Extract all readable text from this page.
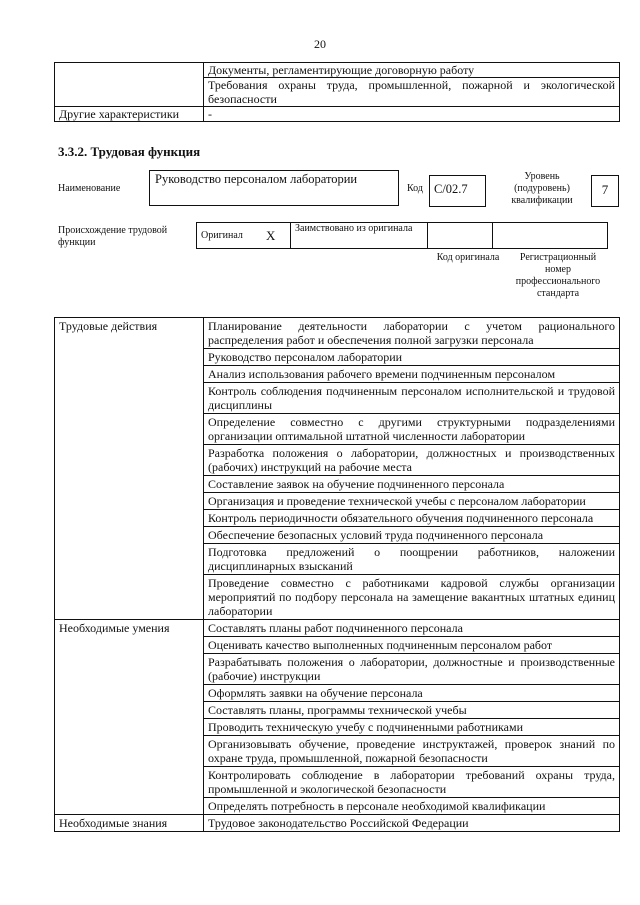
20
	Документы, регламентирующие договорную работу
	Требования охраны труда, промышленной, пожарной и экологической безопасности
Другие характеристики	-
3.3.2. Трудовая функция
Наименование
Руководство персоналом лаборатории
Код С/02.7
Уровень (подуровень) квалификации
7
Происхождение трудовой функции
Оригинал	X	Заимствовано из оригинала		
Код оригинала	Регистрационный номер профессионального стандарта
Трудовые действия	Планирование деятельности лаборатории с учетом рационального распределения работ и обеспечения полной загрузки персонала
	Руководство персоналом лаборатории
	Анализ использования рабочего времени подчиненным персоналом
	Контроль соблюдения подчиненным персоналом исполнительской и трудовой дисциплины
	Определение совместно с другими структурными подразделениями организации оптимальной штатной численности лаборатории
	Разработка положения о лаборатории, должностных и производственных (рабочих) инструкций на рабочие места
	Составление заявок на обучение подчиненного персонала
	Организация и проведение технической учебы с персоналом лаборатории
	Контроль периодичности обязательного обучения подчиненного персонала
	Обеспечение безопасных условий труда подчиненного персонала
	Подготовка предложений о поощрении работников, наложении дисциплинарных взысканий
	Проведение совместно с работниками кадровой службы организации мероприятий по подбору персонала на замещение вакантных штатных единиц лаборатории
Необходимые умения	Составлять планы работ подчиненного персонала
	Оценивать качество выполненных подчиненным персоналом работ
	Разрабатывать положения о лаборатории, должностные и производственные (рабочие) инструкции
	Оформлять заявки на обучение персонала
	Составлять планы, программы технической учебы
	Проводить техническую учебу с подчиненными работниками
	Организовывать обучение, проведение инструктажей, проверок знаний по охране труда, промышленной, пожарной безопасности
	Контролировать соблюдение в лаборатории требований охраны труда, промышленной и экологической безопасности
	Определять потребность в персонале необходимой квалификации
Необходимые знания	Трудовое законодательство Российской Федерации
